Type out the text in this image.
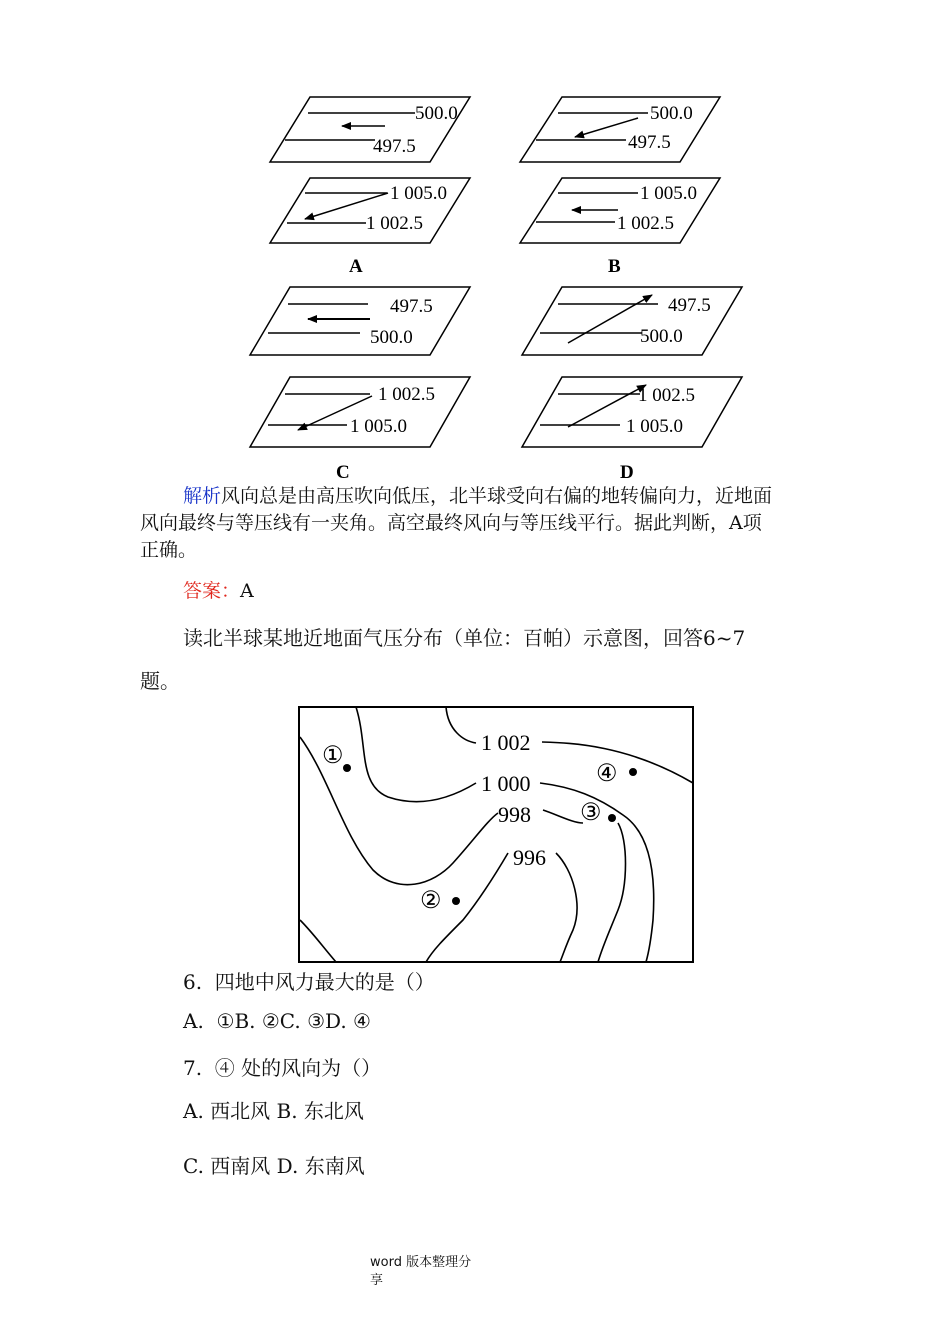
500.0
497.5
1 005.0
1 002.5
A
500.0
497.5
1 005.0
1 002.5
B
497.5
500.0
1 002.5
1 005.0
C
497.5
500.0
1 002.5
1 005.0
D
解析风向总是由高压吹向低压，北半球受向右偏的地转偏向力，近地面
风向最终与等压线有一夹角。高空最终风向与等压线平行。据此判断，A项
正确。
答案：A
读北半球某地近地面气压分布（单位：百帕）示意图，回答6~7
题。
1 002
1 000
998
996
①
②
③
④
6.  四地中风力最大的是（）
A.  ①B. ②C. ③D. ④
7.  ④ 处的风向为（）
A. 西北风 B. 东北风
C. 西南风 D. 东南风
word 版本整理分
享
